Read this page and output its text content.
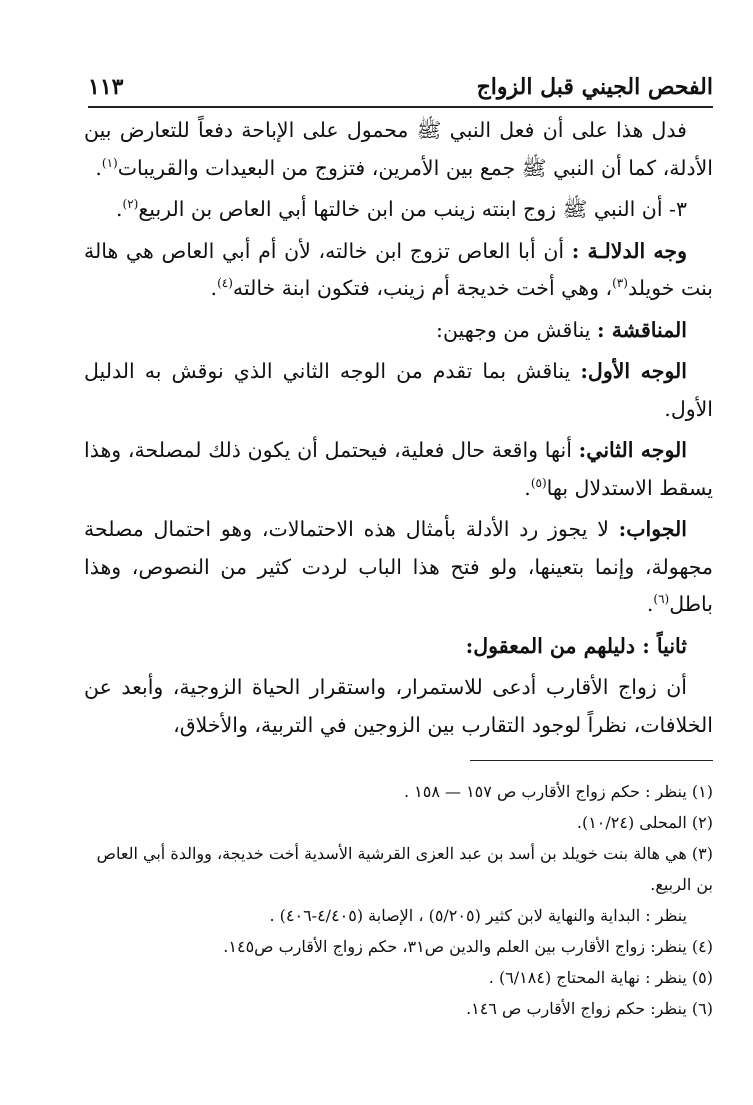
الفحص الجيني قبل الزواج
١١٣

فدل هذا على أن فعل النبي ﷺ محمول على الإباحة دفعاً للتعارض بين الأدلة، كما أن النبي ﷺ جمع بين الأمرين، فتزوج من البعيدات والقريبات$^{(١)}$.

٣- أن النبي ﷺ زوج ابنته زينب من ابن خالتها أبي العاص بن الربيع$^{(٢)}$.

وجه الدلالـة : أن أبا العاص تزوج ابن خالته، لأن أم أبي العاص هي هالة بنت خويلد$^{(٣)}$، وهي أخت خديجة أم زينب، فتكون ابنة خالته$^{(٤)}$.

المناقشة : يناقش من وجهين:

الوجه الأول: يناقش بما تقدم من الوجه الثاني الذي نوقش به الدليل الأول.

الوجه الثاني: أنها واقعة حال فعلية، فيحتمل أن يكون ذلك لمصلحة، وهذا يسقط الاستدلال بها$^{(٥)}$.

الجواب: لا يجوز رد الأدلة بأمثال هذه الاحتمالات، وهو احتمال مصلحة مجهولة، وإنما بتعينها، ولو فتح هذا الباب لردت كثير من النصوص، وهذا باطل$^{(٦)}$.

ثانياً : دليلهم من المعقول:

أن زواج الأقارب أدعى للاستمرار، واستقرار الحياة الزوجية، وأبعد عن الخلافات، نظراً لوجود التقارب بين الزوجين في التربية، والأخلاق،

(١) ينظر : حكم زواج الأقارب ص ١٥٧ — ١٥٨ .
(٢) المحلى (١٠/٢٤).
(٣) هي هالة بنت خويلد بن أسد بن عبد العزى القرشية الأسدية أخت خديجة، ووالدة أبي العاص بن الربيع.
ينظر : البداية والنهاية لابن كثير (٥/٢٠٥) ، الإصابة (٤/٤٠٥-٤٠٦) .
(٤) ينظر: زواج الأقارب بين العلم والدين ص٣١، حكم زواج الأقارب ص١٤٥.
(٥) ينظر : نهاية المحتاج (٦/١٨٤) .
(٦) ينظر: حكم زواج الأقارب ص ١٤٦.
